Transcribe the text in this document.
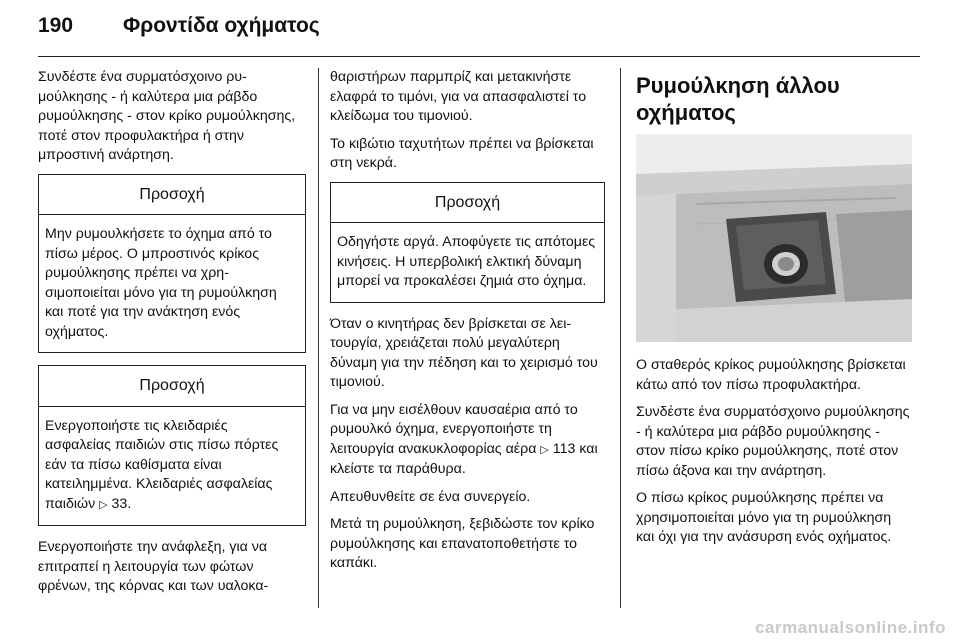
190 Φροντίδα οχήματος

Συνδέστε ένα συρματόσχοινο ρυμούλκησης - ή καλύτερα μια ράβδο ρυμούλκησης - στον κρίκο ρυμούλκησης, ποτέ στον προφυλακτήρα ή στην μπροστινή ανάρτηση.

Προσοχή
Μην ρυμουλκήσετε το όχημα από το πίσω μέρος. Ο μπροστινός κρίκος ρυμούλκησης πρέπει να χρησιμοποιείται μόνο για τη ρυμούλκηση και ποτέ για την ανάκτηση ενός οχήματος.
Προσοχή
Ενεργοποιήστε τις κλειδαριές ασφαλείας παιδιών στις πίσω πόρτες εάν τα πίσω καθίσματα είναι κατειλημμένα. Κλειδαριές ασφαλείας παιδιών ▷ 33.

Ενεργοποιήστε την ανάφλεξη, για να επιτραπεί η λειτουργία των φώτων φρένων, της κόρνας και των υαλοκα-

θαριστήρων παρμπρίζ και μετακινήστε ελαφρά το τιμόνι, για να απασφαλιστεί το κλείδωμα του τιμονιού.

Το κιβώτιο ταχυτήτων πρέπει να βρίσκεται στη νεκρά.

Προσοχή
Οδηγήστε αργά. Αποφύγετε τις απότομες κινήσεις. Η υπερβολική ελκτική δύναμη μπορεί να προκαλέσει ζημιά στο όχημα.

Όταν ο κινητήρας δεν βρίσκεται σε λειτουργία, χρειάζεται πολύ μεγαλύτερη δύναμη για την πέδηση και το χειρισμό του τιμονιού.

Για να μην εισέλθουν καυσαέρια από το ρυμουλκό όχημα, ενεργοποιήστε τη λειτουργία ανακυκλοφορίας αέρα ▷ 113 και κλείστε τα παράθυρα.

Απευθυνθείτε σε ένα συνεργείο.

Μετά τη ρυμούλκηση, ξεβιδώστε τον κρίκο ρυμούλκησης και επανατοποθετήστε το καπάκι.

Ρυμούλκηση άλλου οχήματος

Ο σταθερός κρίκος ρυμούλκησης βρίσκεται κάτω από τον πίσω προφυλακτήρα.

Συνδέστε ένα συρματόσχοινο ρυμούλκησης - ή καλύτερα μια ράβδο ρυμούλκησης - στον πίσω κρίκο ρυμούλκησης, ποτέ στον πίσω άξονα και την ανάρτηση.

Ο πίσω κρίκος ρυμούλκησης πρέπει να χρησιμοποιείται μόνο για τη ρυμούλκηση και όχι για την ανάσυρση ενός οχήματος.

carmanualsonline.info
